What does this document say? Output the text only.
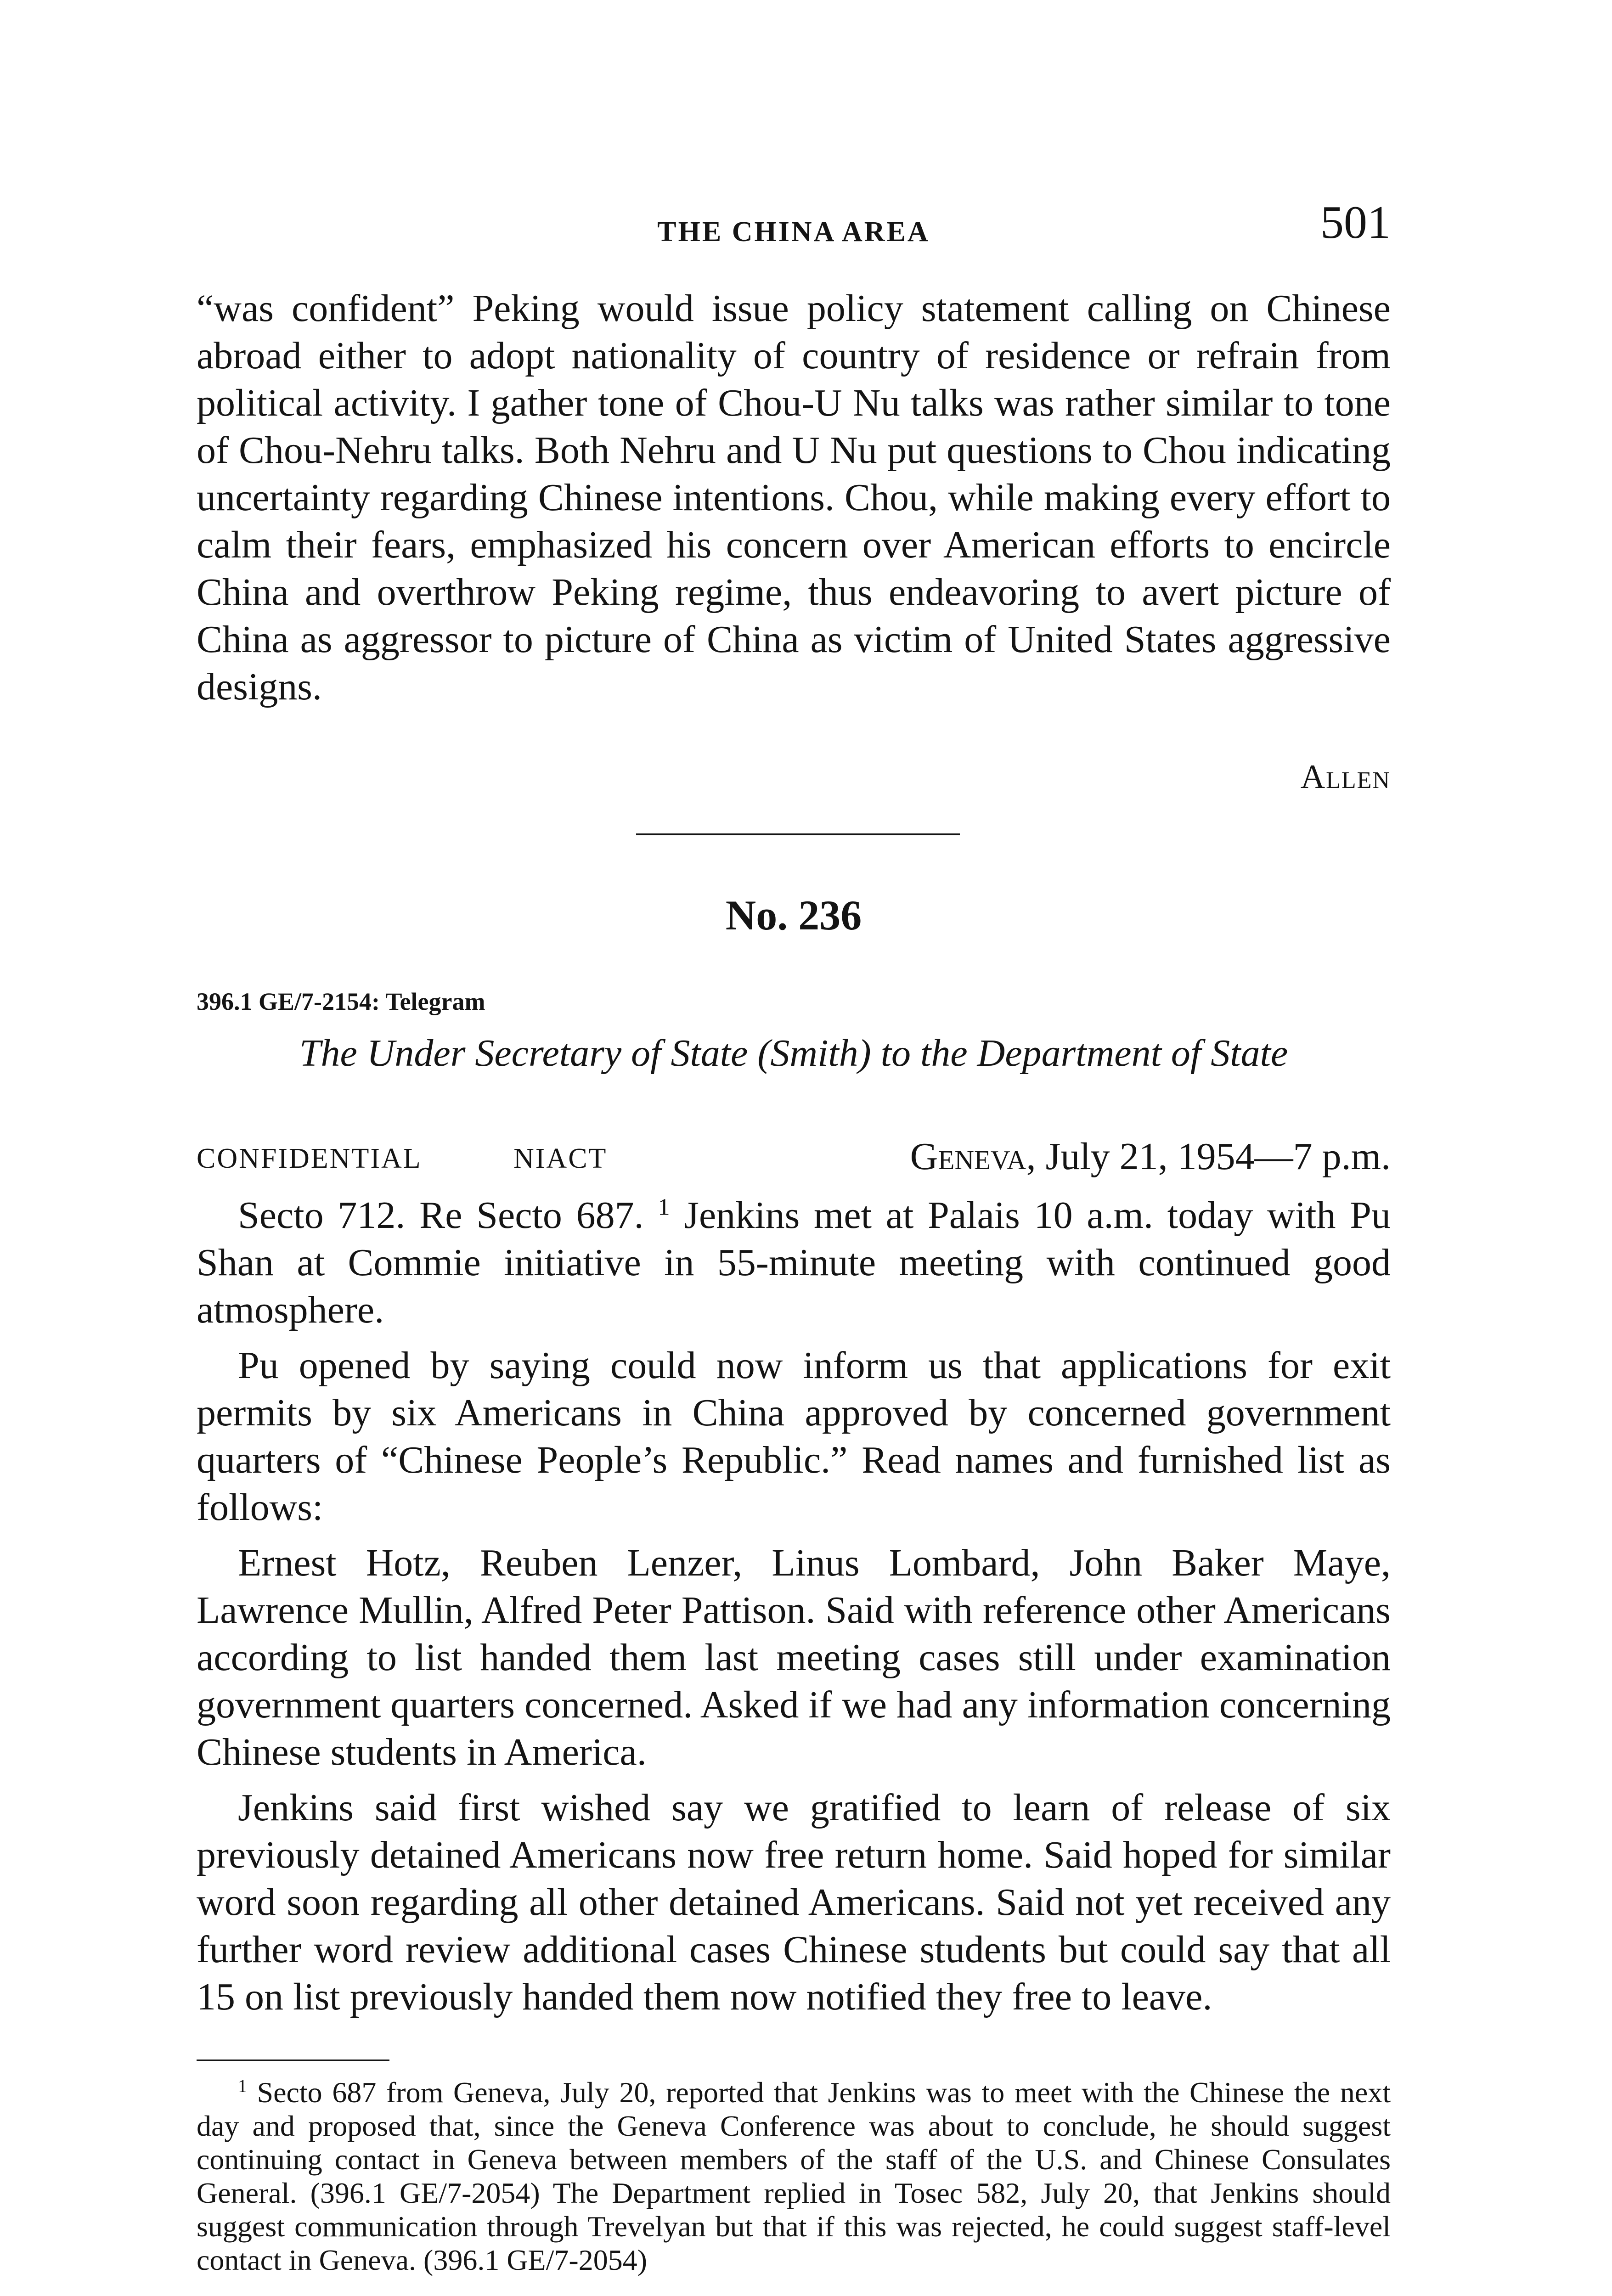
THE CHINA AREA	501

“was confident” Peking would issue policy statement calling on Chinese abroad either to adopt nationality of country of residence or refrain from political activity. I gather tone of Chou-U Nu talks was rather similar to tone of Chou-Nehru talks. Both Nehru and U Nu put questions to Chou indicating uncertainty regarding Chinese intentions. Chou, while making every effort to calm their fears, emphasized his concern over American efforts to encircle China and overthrow Peking regime, thus endeavoring to avert picture of China as aggressor to picture of China as victim of United States aggressive designs.

Allen
No. 236
396.1 GE/7-2154: Telegram
The Under Secretary of State (Smith) to the Department of State
CONFIDENTIAL	NIACT	Geneva, July 21, 1954—7 p.m.

Secto 712. Re Secto 687. $^1$ Jenkins met at Palais 10 a.m. today with Pu Shan at Commie initiative in 55-minute meeting with continued good atmosphere.

Pu opened by saying could now inform us that applications for exit permits by six Americans in China approved by concerned government quarters of “Chinese People’s Republic.” Read names and furnished list as follows:

Ernest Hotz, Reuben Lenzer, Linus Lombard, John Baker Maye, Lawrence Mullin, Alfred Peter Pattison. Said with reference other Americans according to list handed them last meeting cases still under examination government quarters concerned. Asked if we had any information concerning Chinese students in America.

Jenkins said first wished say we gratified to learn of release of six previously detained Americans now free return home. Said hoped for similar word soon regarding all other detained Americans. Said not yet received any further word review additional cases Chinese students but could say that all 15 on list previously handed them now notified they free to leave.

$^1$ Secto 687 from Geneva, July 20, reported that Jenkins was to meet with the Chinese the next day and proposed that, since the Geneva Conference was about to conclude, he should suggest continuing contact in Geneva between members of the staff of the U.S. and Chinese Consulates General. (396.1 GE/7-2054) The Department replied in Tosec 582, July 20, that Jenkins should suggest communication through Trevelyan but that if this was rejected, he could suggest staff-level contact in Geneva. (396.1 GE/7-2054)
